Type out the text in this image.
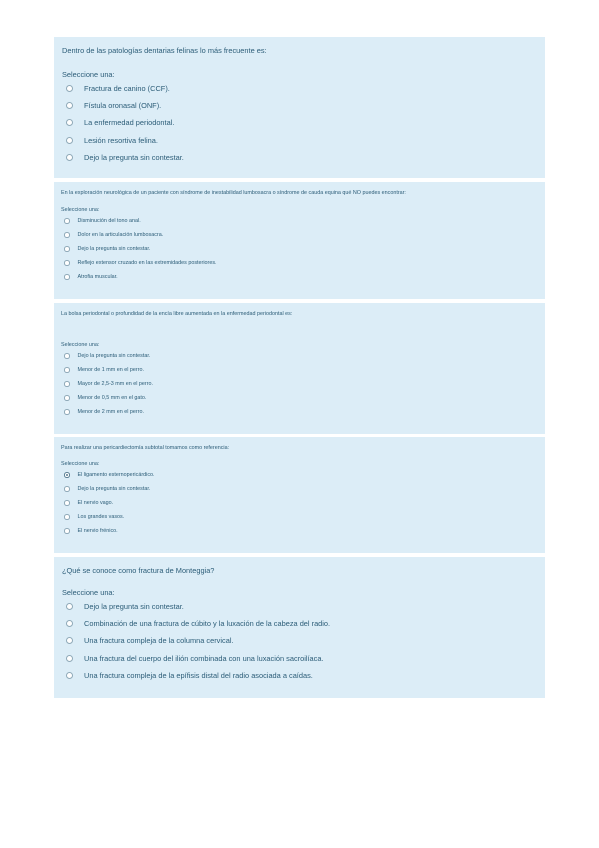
Dentro de las patologías dentarias felinas lo más frecuente es:

Seleccione una:

Fractura de canino (CCF).
Fístula oronasal (ONF).
La enfermedad periodontal.
Lesión resortiva felina.
Dejo la pregunta sin contestar.

En la exploración neurológica de un paciente con síndrome de inestabilidad lumbosacra o síndrome de cauda equina qué NO puedes encontrar:

Seleccione una:

Disminución del tono anal.
Dolor en la articulación lumbosacra.
Dejo la pregunta sin contestar.
Reflejo extensor cruzado en las extremidades posteriores.
Atrofia muscular.

La bolsa periodontal o profundidad de la encía libre aumentada en la enfermedad periodontal es:

Seleccione una:

Dejo la pregunta sin contestar.
Menor de 1 mm en el perro.
Mayor de 2,5-3 mm en el perro.
Menor de 0,5 mm en el gato.
Menor de 2 mm en el perro.

Para realizar una pericardiectomía subtotal tomamos como referencia:

Seleccione una:

El ligamento esternopericárdico.
Dejo la pregunta sin contestar.
El nervio vago.
Los grandes vasos.
El nervio frénico.

¿Qué se conoce como fractura de Monteggia?

Seleccione una:

Dejo la pregunta sin contestar.
Combinación de una fractura de cúbito y la luxación de la cabeza del radio.
Una fractura compleja de la columna cervical.
Una fractura del cuerpo del ilión combinada con una luxación sacroilíaca.
Una fractura compleja de la epífisis distal del radio asociada a caídas.
